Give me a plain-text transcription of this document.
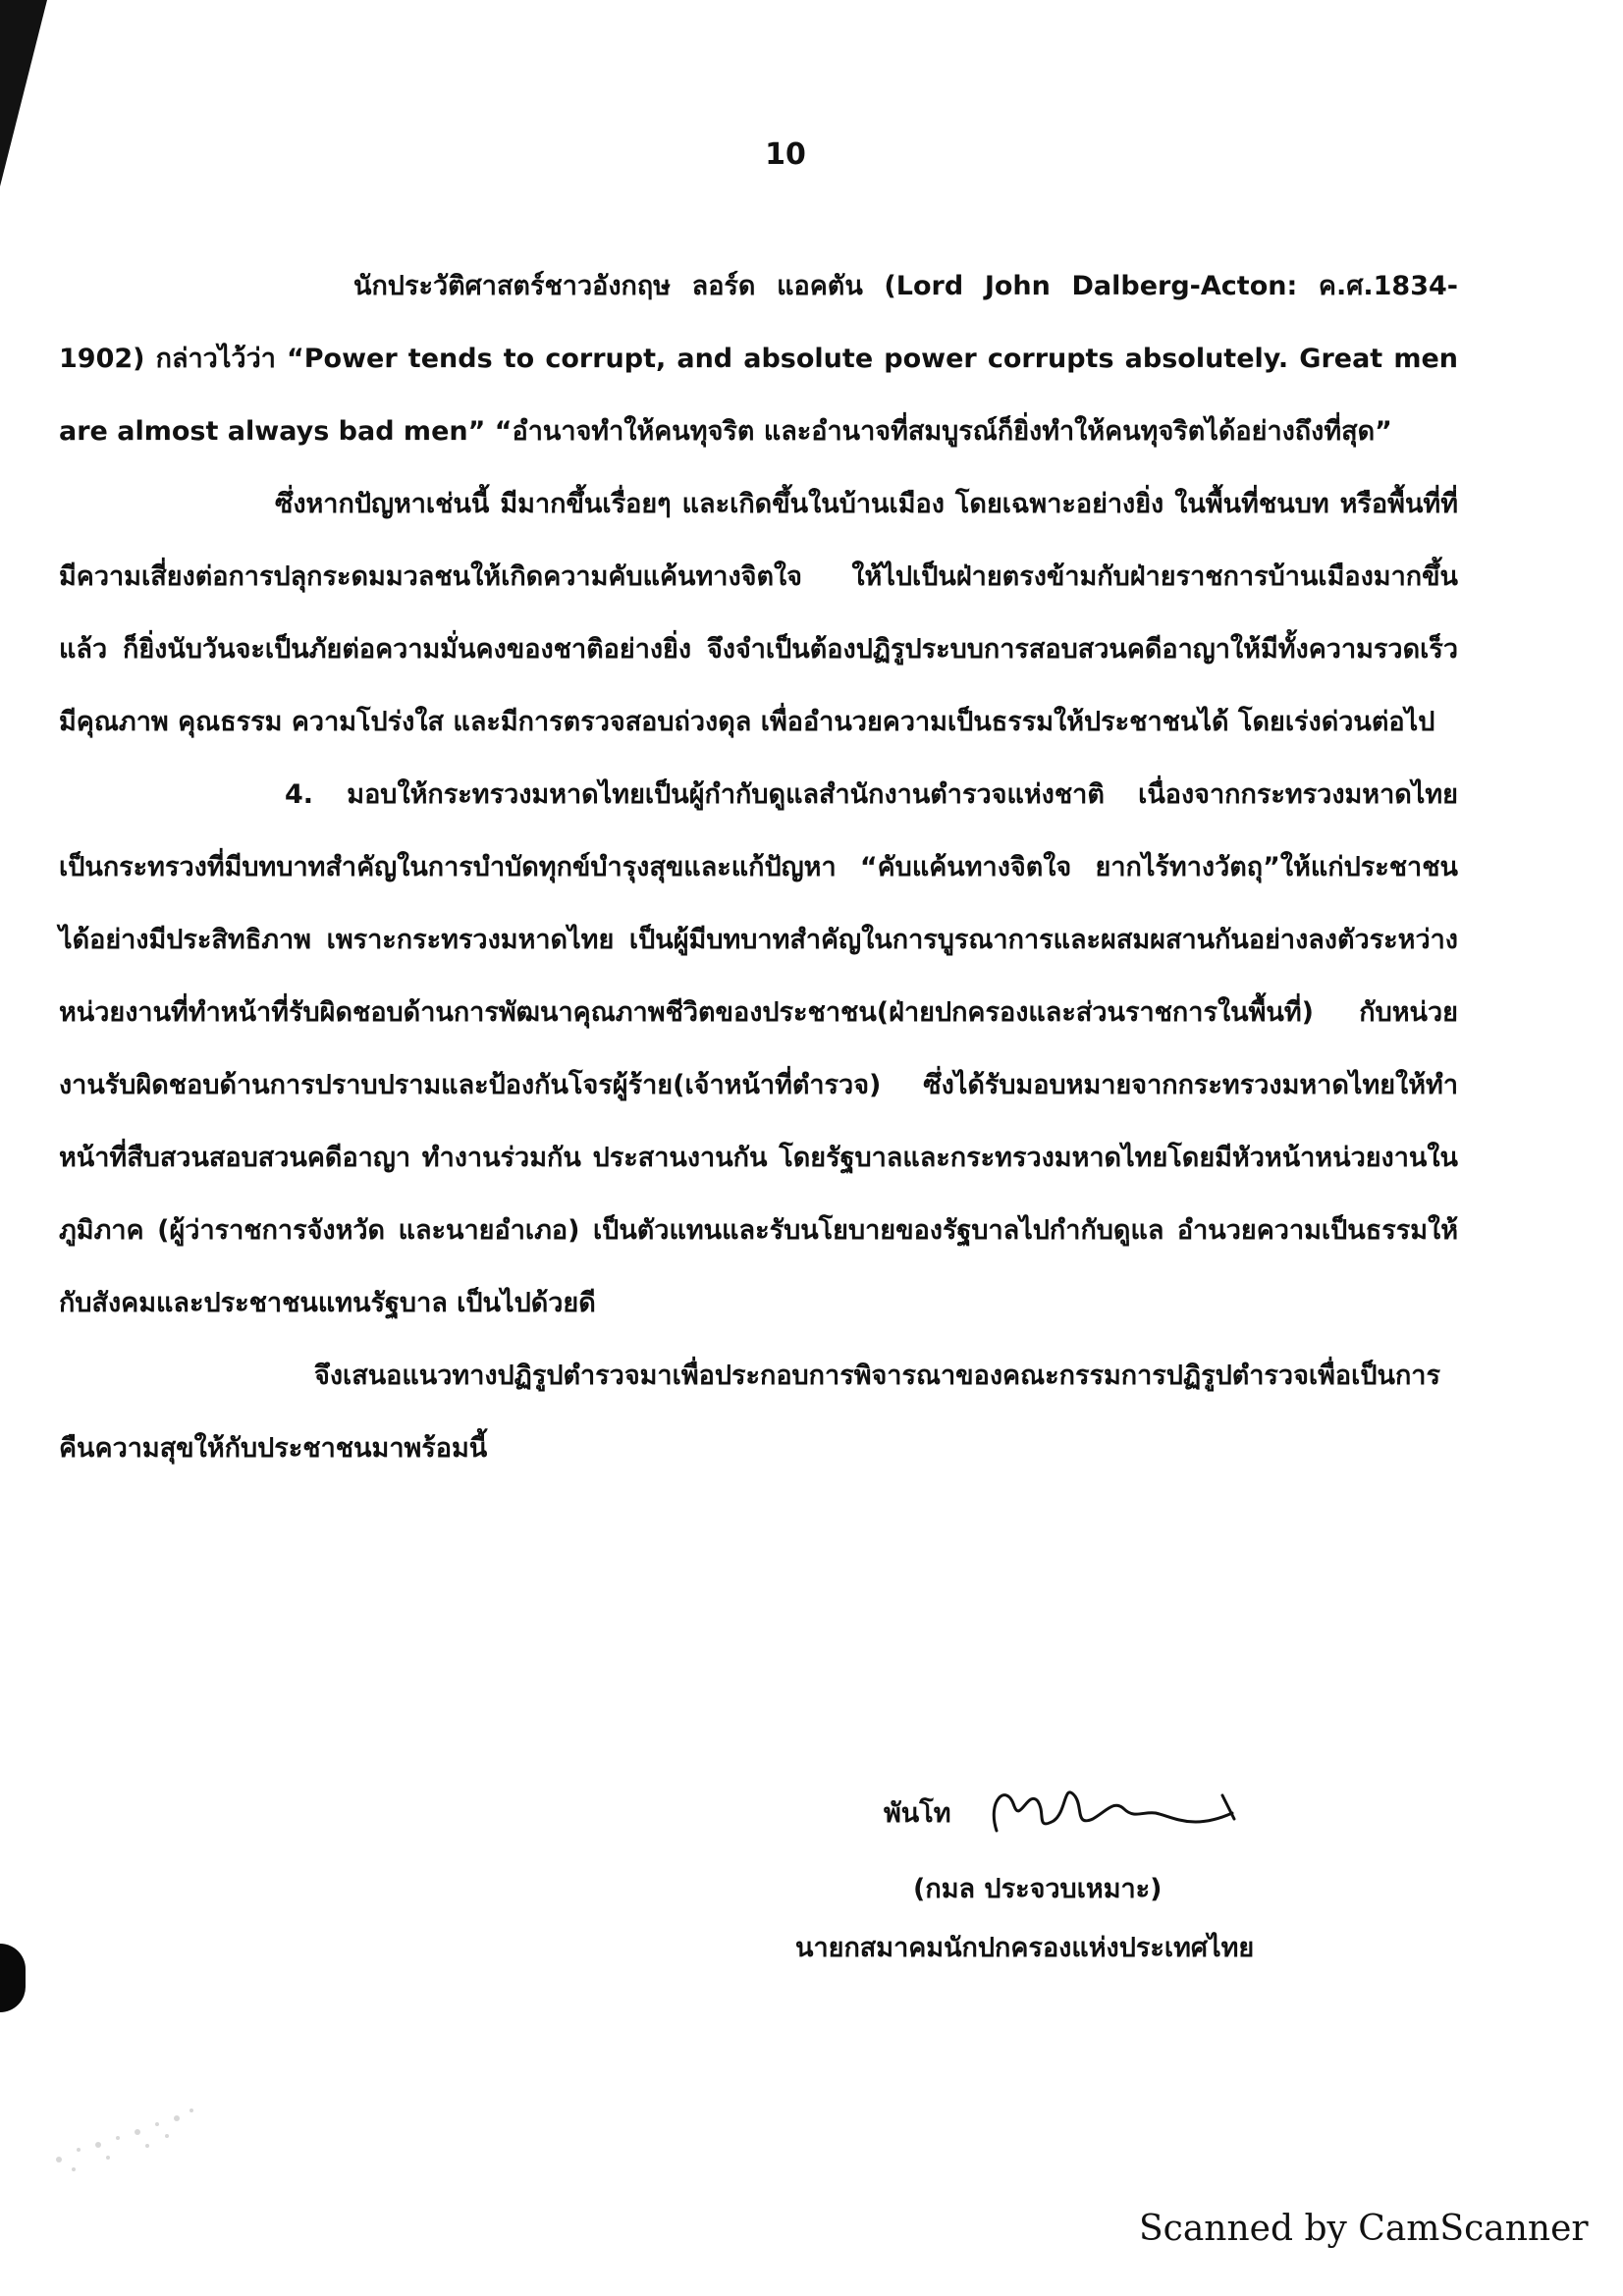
10

นักประวัติศาสตร์ชาวอังกฤษ ลอร์ด แอคตัน (Lord John Dalberg-Acton: ค.ศ.1834-1902) กล่าวไว้ว่า “Power tends to corrupt, and absolute power corrupts absolutely. Great men are almost always bad men” “อำนาจทำให้คนทุจริต และอำนาจที่สมบูรณ์ก็ยิ่งทำให้คนทุจริตได้อย่างถึงที่สุด”

ซึ่งหากปัญหาเช่นนี้ มีมากขึ้นเรื่อยๆ และเกิดขึ้นในบ้านเมือง โดยเฉพาะอย่างยิ่ง ในพื้นที่ชนบท หรือพื้นที่ที่มีความเสี่ยงต่อการปลุกระดมมวลชนให้เกิดความคับแค้นทางจิตใจ ให้ไปเป็นฝ่ายตรงข้ามกับฝ่ายราชการบ้านเมืองมากขึ้นแล้ว ก็ยิ่งนับวันจะเป็นภัยต่อความมั่นคงของชาติอย่างยิ่ง จึงจำเป็นต้องปฏิรูประบบการสอบสวนคดีอาญาให้มีทั้งความรวดเร็ว มีคุณภาพ คุณธรรม ความโปร่งใส และมีการตรวจสอบถ่วงดุล เพื่ออำนวยความเป็นธรรมให้ประชาชนได้ โดยเร่งด่วนต่อไป

4. มอบให้กระทรวงมหาดไทยเป็นผู้กำกับดูแลสำนักงานตำรวจแห่งชาติ เนื่องจากกระทรวงมหาดไทยเป็นกระทรวงที่มีบทบาทสำคัญในการบำบัดทุกข์บำรุงสุขและแก้ปัญหา “คับแค้นทางจิตใจ ยากไร้ทางวัตถุ”ให้แก่ประชาชนได้อย่างมีประสิทธิภาพ เพราะกระทรวงมหาดไทย เป็นผู้มีบทบาทสำคัญในการบูรณาการและผสมผสานกันอย่างลงตัวระหว่างหน่วยงานที่ทำหน้าที่รับผิดชอบด้านการพัฒนาคุณภาพชีวิตของประชาชน(ฝ่ายปกครองและส่วนราชการในพื้นที่) กับหน่วยงานรับผิดชอบด้านการปราบปรามและป้องกันโจรผู้ร้าย(เจ้าหน้าที่ตำรวจ) ซึ่งได้รับมอบหมายจากกระทรวงมหาดไทยให้ทำหน้าที่สืบสวนสอบสวนคดีอาญา ทำงานร่วมกัน ประสานงานกัน โดยรัฐบาลและกระทรวงมหาดไทยโดยมีหัวหน้าหน่วยงานในภูมิภาค (ผู้ว่าราชการจังหวัด และนายอำเภอ) เป็นตัวแทนและรับนโยบายของรัฐบาลไปกำกับดูแล อำนวยความเป็นธรรมให้กับสังคมและประชาชนแทนรัฐบาล เป็นไปด้วยดี

จึงเสนอแนวทางปฏิรูปตำรวจมาเพื่อประกอบการพิจารณาของคณะกรรมการปฏิรูปตำรวจเพื่อเป็นการคืนความสุขให้กับประชาชนมาพร้อมนี้

พันโท
(กมล ประจวบเหมาะ)
นายกสมาคมนักปกครองแห่งประเทศไทย
Scanned by CamScanner
